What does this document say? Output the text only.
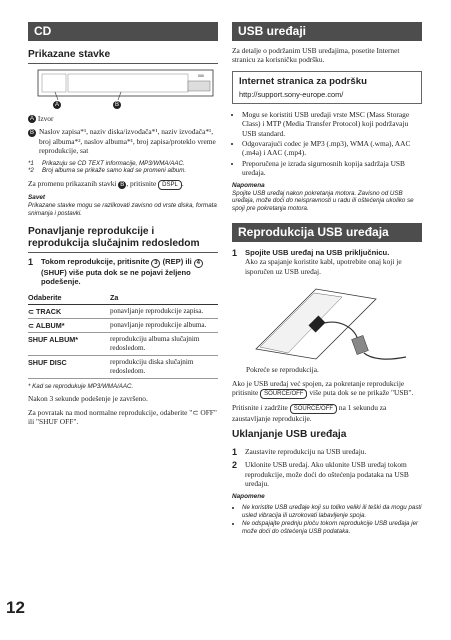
CD
Prikazane stavke
888
A	B
A Izvor
B Naslov zapisa*¹, naziv diska/izvođača*¹, naziv izvođača*¹, broj albuma*², naslov albuma*¹, broj zapisa/proteklo vreme reprodukcije, sat
*1	Prikazuju se CD TEXT informacije, MP3/WMA/AAC.
*2	Broj albuma se prikaže samo kad se promeni album.
Za promenu prikazanih stavki B , pritisnite DSPL .
Savet
Prikazane stavke mogu se razlikovati zavisno od vrste diska, formata snimanja i postavki.
Ponavljanje reprodukcije i reprodukcija slučajnim redosledom
1	Tokom reprodukcije, pritisnite 3 (REP) ili 4 (SHUF) više puta dok se ne pojavi željeno podešenje.
Odaberite	Za
⊂ TRACK	ponavljanje reprodukcije zapisa.
⊂ ALBUM*	ponavljanje reprodukcije albuma.
SHUF ALBUM*	reprodukciju albuma slučajnim redosledom.
SHUF DISC	reprodukciju diska slučajnim redosledom.
* Kad se reprodukuje MP3/WMA/AAC.
Nakon 3 sekunde podešenje je završeno.
Za povratak na mod normalne reprodukcije, odaberite "⊂ OFF" ili "SHUF OFF".
USB uređaji
Za detalje o podržanim USB uređajima, posetite Internet stranicu za korisničku podršku.
Internet stranica za podršku
http://support.sony-europe.com/
• Mogu se koristiti USB uređaji vrste MSC (Mass Storage Class) i MTP (Media Transfer Protocol) koji podržavaju USB standard.
• Odgovarajući codec je MP3 (.mp3), WMA (.wma), AAC (.m4a) i AAC (.mp4).
• Preporučena je izrada sigurnosnih kopija sadržaja USB uređaja.
Napomena
Spojite USB uređaj nakon pokretanja motora. Zavisno od USB uređaja, može doći do neispravnosti u radu ili oštećenja ukoliko se spoji pre pokretanja motora.
Reprodukcija USB uređaja
1	Spojite USB uređaj na USB priključnicu.
Ako za spajanje koristite kabl, upotrebite onaj koji je isporučen uz USB uređaj.
Pokreće se reprodukcija.
Ako je USB uređaj već spojen, za pokretanje reprodukcije pritisnite SOURCE/OFF više puta dok se ne prikaže "USB".
Pritisnite i zadržite SOURCE/OFF na 1 sekundu za zaustavljanje reprodukcije.
Uklanjanje USB uređaja
1	Zaustavite reprodukciju na USB uređaju.
2	Uklonite USB uređaj. Ako uklonite USB uređaj tokom reprodukcije, može doći do oštećenja podataka na USB uređaju.
Napomene
• Ne koristite USB uređaje koji su toliko veliki ili teški da mogu pasti usled vibracija ili uzrokovati labavljenje spoja.
• Ne odspajajte prednju ploču tokom reprodukcije USB uređaja jer može doći do oštećenja USB podataka.
12
